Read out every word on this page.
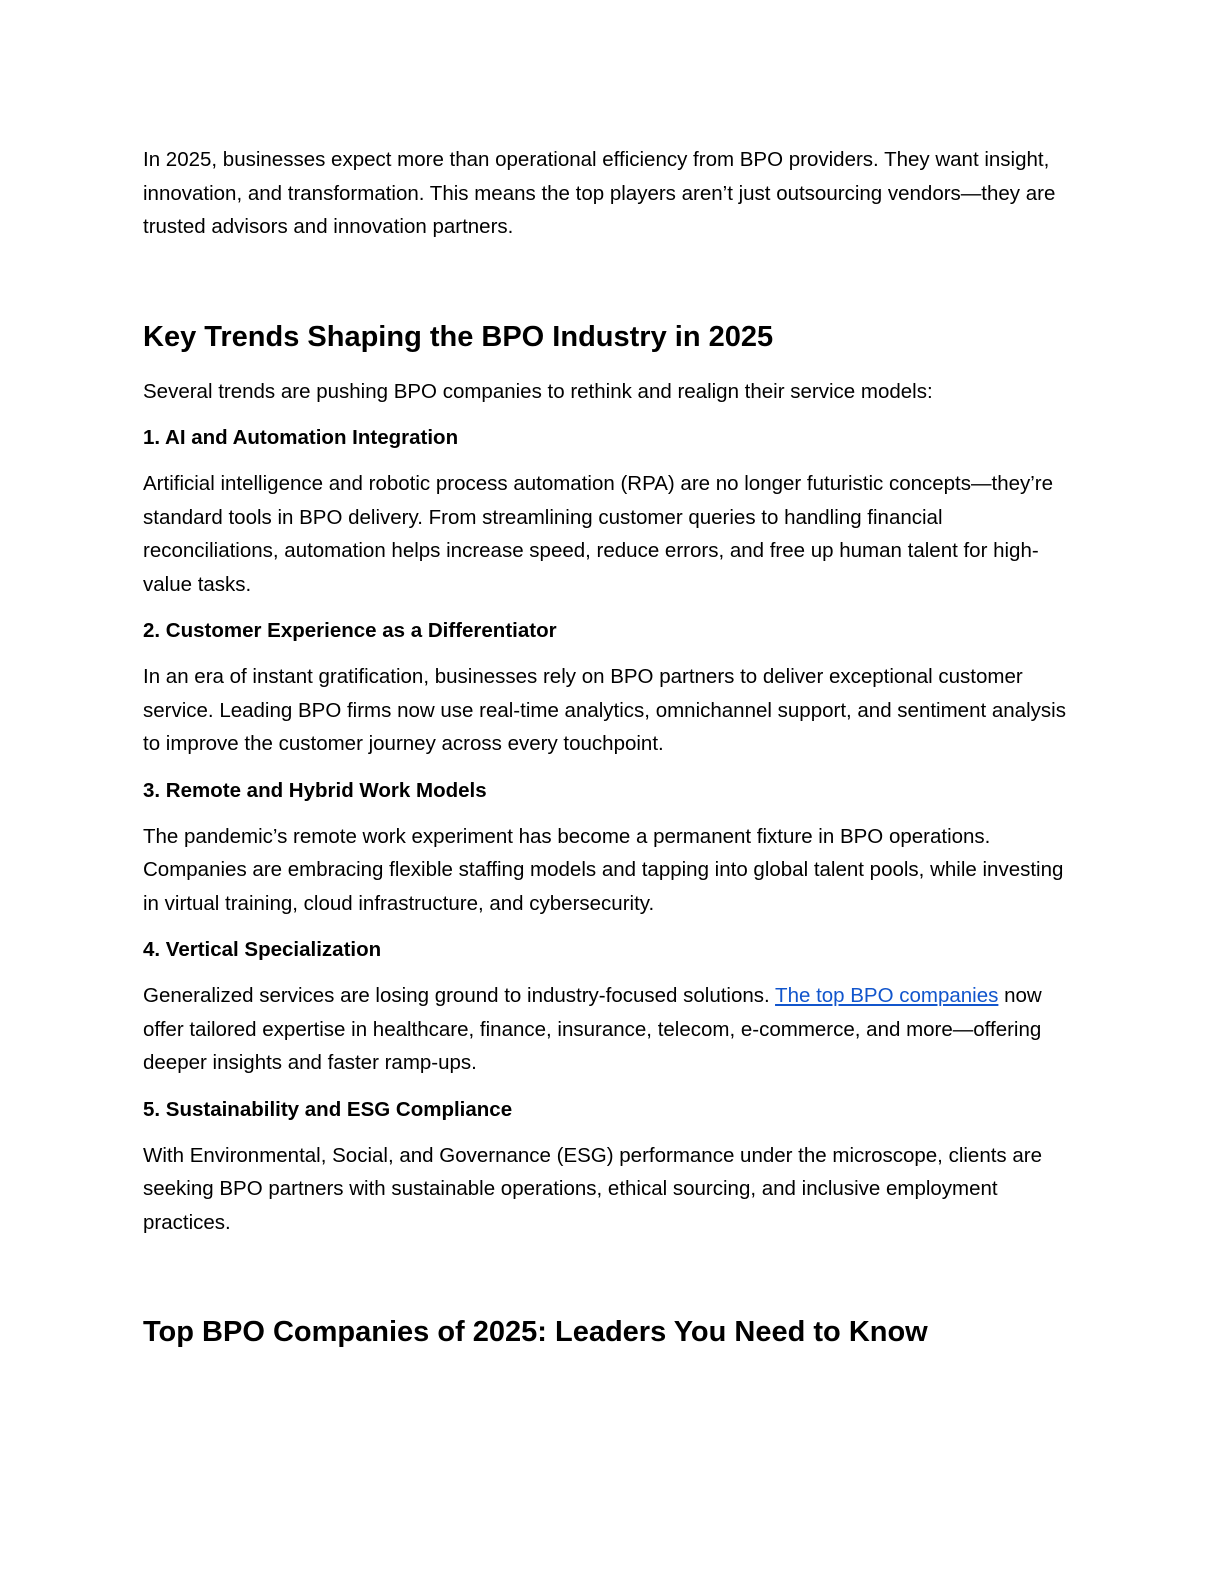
In 2025, businesses expect more than operational efficiency from BPO providers. They want insight, innovation, and transformation. This means the top players aren’t just outsourcing vendors—they are trusted advisors and innovation partners.

Key Trends Shaping the BPO Industry in 2025

Several trends are pushing BPO companies to rethink and realign their service models:

1. AI and Automation Integration

Artificial intelligence and robotic process automation (RPA) are no longer futuristic concepts—they’re standard tools in BPO delivery. From streamlining customer queries to handling financial reconciliations, automation helps increase speed, reduce errors, and free up human talent for high-value tasks.

2. Customer Experience as a Differentiator

In an era of instant gratification, businesses rely on BPO partners to deliver exceptional customer service. Leading BPO firms now use real-time analytics, omnichannel support, and sentiment analysis to improve the customer journey across every touchpoint.

3. Remote and Hybrid Work Models

The pandemic’s remote work experiment has become a permanent fixture in BPO operations. Companies are embracing flexible staffing models and tapping into global talent pools, while investing in virtual training, cloud infrastructure, and cybersecurity.

4. Vertical Specialization

Generalized services are losing ground to industry-focused solutions. The top BPO companies now offer tailored expertise in healthcare, finance, insurance, telecom, e-commerce, and more—offering deeper insights and faster ramp-ups.

5. Sustainability and ESG Compliance

With Environmental, Social, and Governance (ESG) performance under the microscope, clients are seeking BPO partners with sustainable operations, ethical sourcing, and inclusive employment practices.

Top BPO Companies of 2025: Leaders You Need to Know
